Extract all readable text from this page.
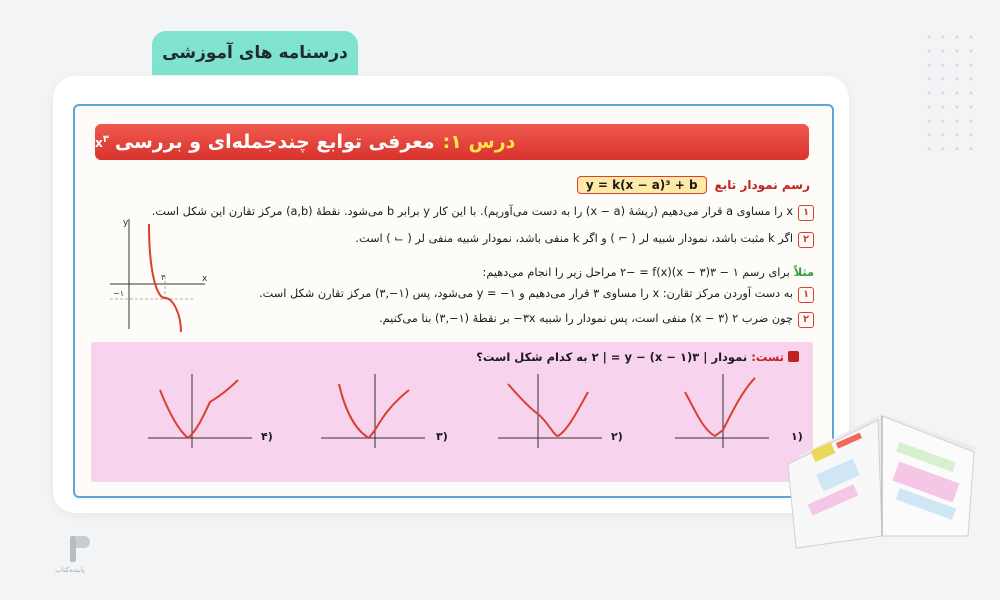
درسنامه های آموزشی
درس ۱:
معرفی توابع چندجمله‌ای و بررسی
$x^۳$
رسم نمودار تابع
y = k(x − a)³ + b
۱x را مساوی a قرار می‌دهیم (ریشهٔ (x − a) را به دست می‌آوریم). با این کار y برابر b می‌شود. نقطهٔ (a,b) مرکز تقارن این شکل است.
۲اگر k مثبت باشد، نمودار شبیه لر ( ⌐ ) و اگر k منفی باشد، نمودار شبیه منفی لر ( ⌙ ) است.
مثلاًبرای رسم ۱ − ۳(x − ۳)۲− = f(x) مراحل زیر را انجام می‌دهیم:
۱به دست آوردن مرکز تقارن: x را مساوی ۳ قرار می‌دهیم و ۱− = y می‌شود، پس (۱−,۳) مرکز تقارن شکل است.
۲چون ضرب ۲ (۳ − x) منفی است، پس نمودار را شبیه ۳x− بر نقطهٔ (۱−,۳) بنا می‌کنیم.
x
y
۳
−۱
تست: نمودار | ۳(۱ − x) − ۲ | = y به کدام شکل است؟
۲)
۳)
۴)	۱)
پاینده‌کتاب
